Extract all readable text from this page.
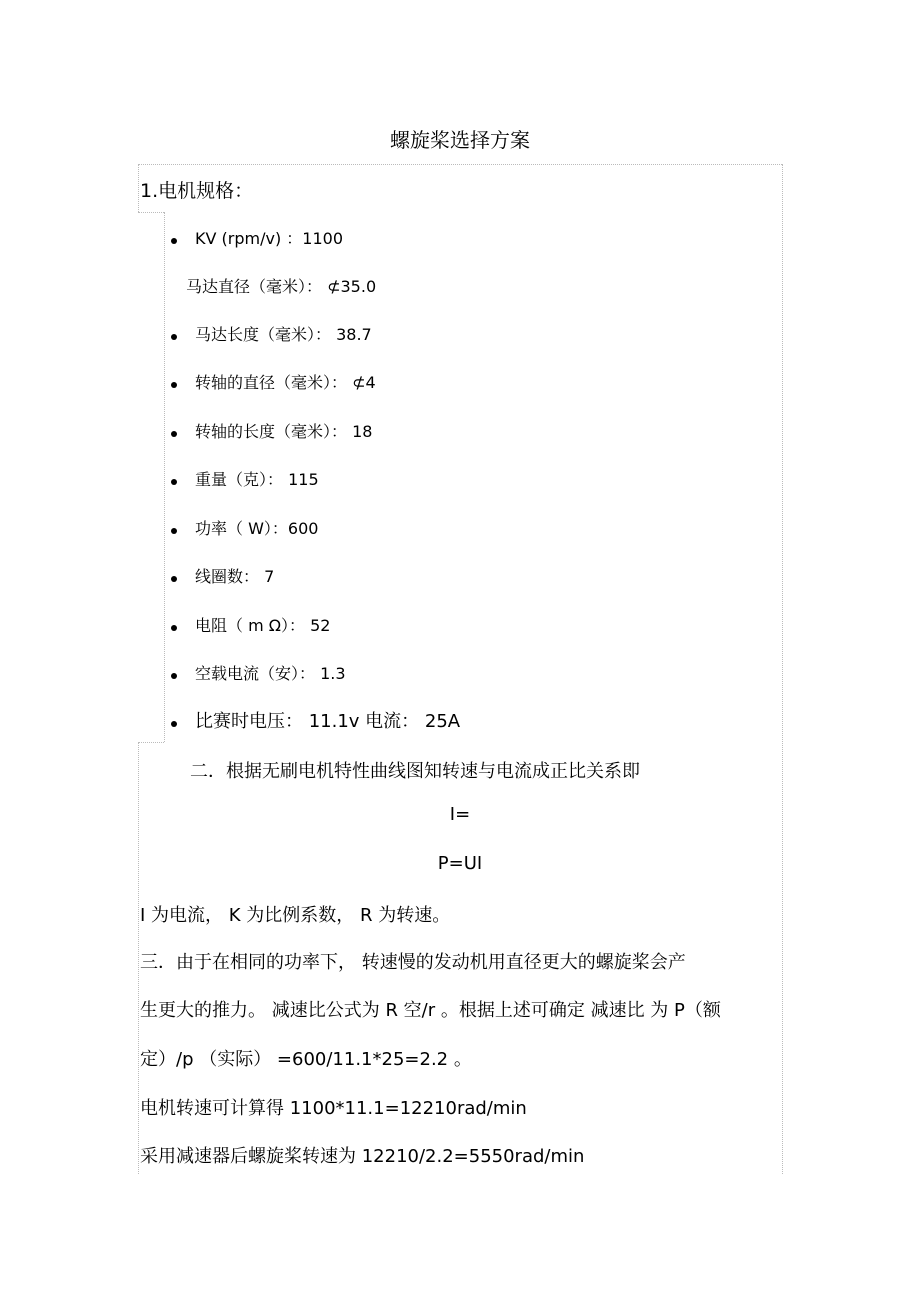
螺旋桨选择方案
1.电机规格：
KV (rpm/v) ：1100
马达直径（毫米）： ⊄35.0
马达长度（毫米）： 38.7
转轴的直径（毫米）： ⊄4
转轴的长度（毫米）： 18
重量（克）： 115
功率（ W）：600
线圈数： 7
电阻（ m Ω）： 52
空载电流（安）： 1.3
比赛时电压： 11.1v 电流： 25A
二．根据无刷电机特性曲线图知转速与电流成正比关系即
I=
P=UI
I 为电流， K 为比例系数， R 为转速。
三．由于在相同的功率下， 转速慢的发动机用直径更大的螺旋桨会产
生更大的推力。 减速比公式为 R 空/r 。根据上述可确定 减速比 为 P（额
定）/p （实际） =600/11.1*25=2.2 。
电机转速可计算得 1100*11.1=12210rad/min
采用减速器后螺旋桨转速为 12210/2.2=5550rad/min
